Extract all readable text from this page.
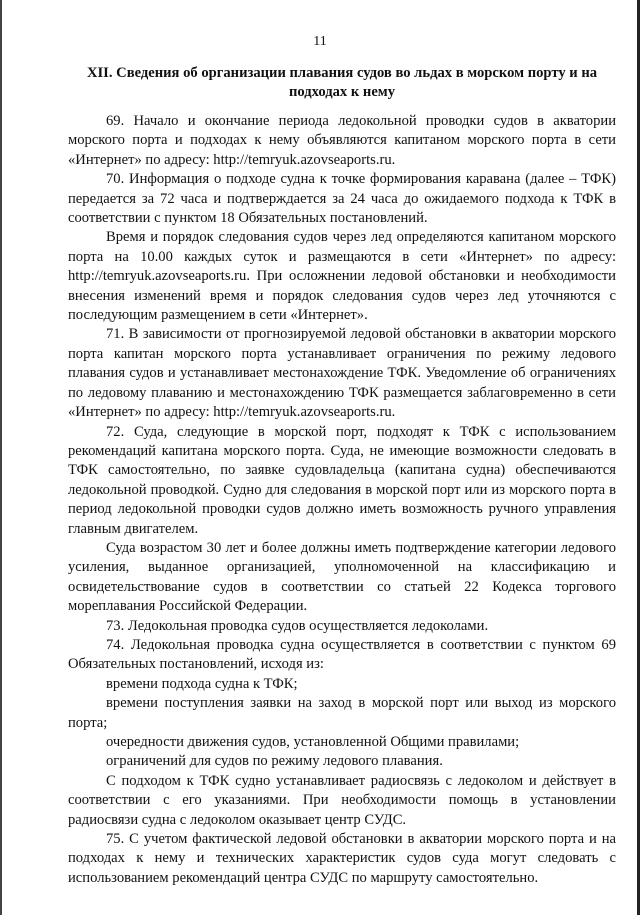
11
XII. Сведения об организации плавания судов во льдах в морском порту и на подходах к нему

69. Начало и окончание периода ледокольной проводки судов в акватории морского порта и подходах к нему объявляются капитаном морского порта в сети «Интернет» по адресу: http://temryuk.azovseaports.ru.

70. Информация о подходе судна к точке формирования каравана (далее – ТФК) передается за 72 часа и подтверждается за 24 часа до ожидаемого подхода к ТФК в соответствии с пунктом 18 Обязательных постановлений.

Время и порядок следования судов через лед определяются капитаном морского порта на 10.00 каждых суток и размещаются в сети «Интернет» по адресу: http://temryuk.azovseaports.ru. При осложнении ледовой обстановки и необходимости внесения изменений время и порядок следования судов через лед уточняются с последующим размещением в сети «Интернет».

71. В зависимости от прогнозируемой ледовой обстановки в акватории морского порта капитан морского порта устанавливает ограничения по режиму ледового плавания судов и устанавливает местонахождение ТФК. Уведомление об ограничениях по ледовому плаванию и местонахождению ТФК размещается заблаговременно в сети «Интернет» по адресу: http://temryuk.azovseaports.ru.

72. Суда, следующие в морской порт, подходят к ТФК с использованием рекомендаций капитана морского порта. Суда, не имеющие возможности следовать в ТФК самостоятельно, по заявке судовладельца (капитана судна) обеспечиваются ледокольной проводкой. Судно для следования в морской порт или из морского порта в период ледокольной проводки судов должно иметь возможность ручного управления главным двигателем.

Суда возрастом 30 лет и более должны иметь подтверждение категории ледового усиления, выданное организацией, уполномоченной на классификацию и освидетельствование судов в соответствии со статьей 22 Кодекса торгового мореплавания Российской Федерации.

73. Ледокольная проводка судов осуществляется ледоколами.

74. Ледокольная проводка судна осуществляется в соответствии с пунктом 69 Обязательных постановлений, исходя из:

времени подхода судна к ТФК;

времени поступления заявки на заход в морской порт или выход из морского порта;

очередности движения судов, установленной Общими правилами;

ограничений для судов по режиму ледового плавания.

С подходом к ТФК судно устанавливает радиосвязь с ледоколом и действует в соответствии с его указаниями. При необходимости помощь в установлении радиосвязи судна с ледоколом оказывает центр СУДС.

75. С учетом фактической ледовой обстановки в акватории морского порта и на подходах к нему и технических характеристик судов суда могут следовать с использованием рекомендаций центра СУДС по маршруту самостоятельно.
